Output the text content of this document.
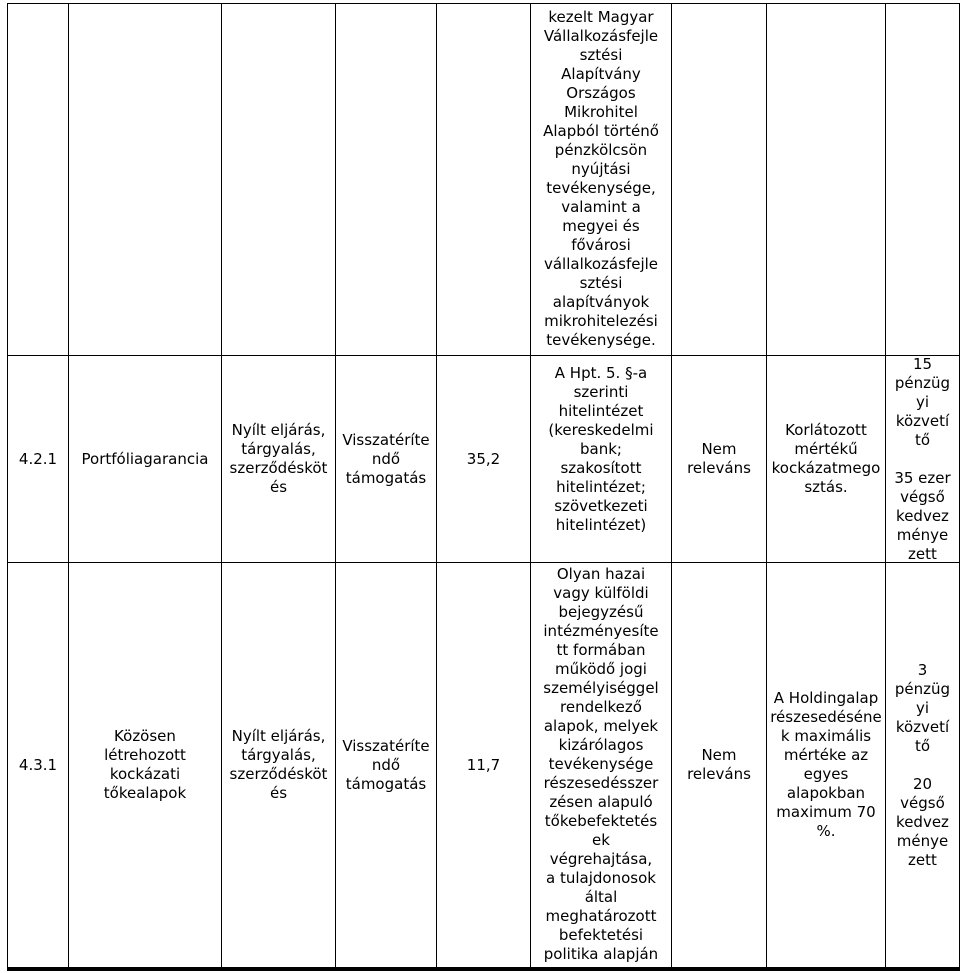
kezelt Magyar
Vállalkozásfejle
sztési
Alapítvány
Országos
Mikrohitel
Alapból történő
pénzkölcsön
nyújtási
tevékenysége,
valamint a
megyei és
fővárosi
vállalkozásfejle
sztési
alapítványok
mikrohitelezési
tevékenysége.
4.2.1 Portfóliagarancia
Nyílt eljárás,
tárgyalás,
szerződésköt
és
Visszatéríte
ndő
támogatás
35,2
A Hpt. 5. §-a
szerinti
hitelintézet
(kereskedelmi
bank;
szakosított
hitelintézet;
szövetkezeti
hitelintézet)
Nem
releváns
Korlátozott
mértékű
kockázatmego
sztás.
15
pénzüg
yi
közvetí
tő

35 ezer
végső
kedvez
ménye
zett
4.3.1
Közösen
létrehozott
kockázati
tőkealapok
Nyílt eljárás,
tárgyalás,
szerződésköt
és
Visszatéríte
ndő
támogatás
11,7
Olyan hazai
vagy külföldi
bejegyzésű
intézményesíte
tt formában
működő jogi
személyiséggel
rendelkező
alapok, melyek
kizárólagos
tevékenysége
részesedésszer
zésen alapuló
tőkebefektetés
ek
végrehajtása,
a tulajdonosok
által
meghatározott
befektetési
politika alapján
Nem
releváns
A Holdingalap
részesedéséne
k maximális
mértéke az
egyes
alapokban
maximum 70
%.
3
pénzüg
yi
közvetí
tő

20
végső
kedvez
ménye
zett
